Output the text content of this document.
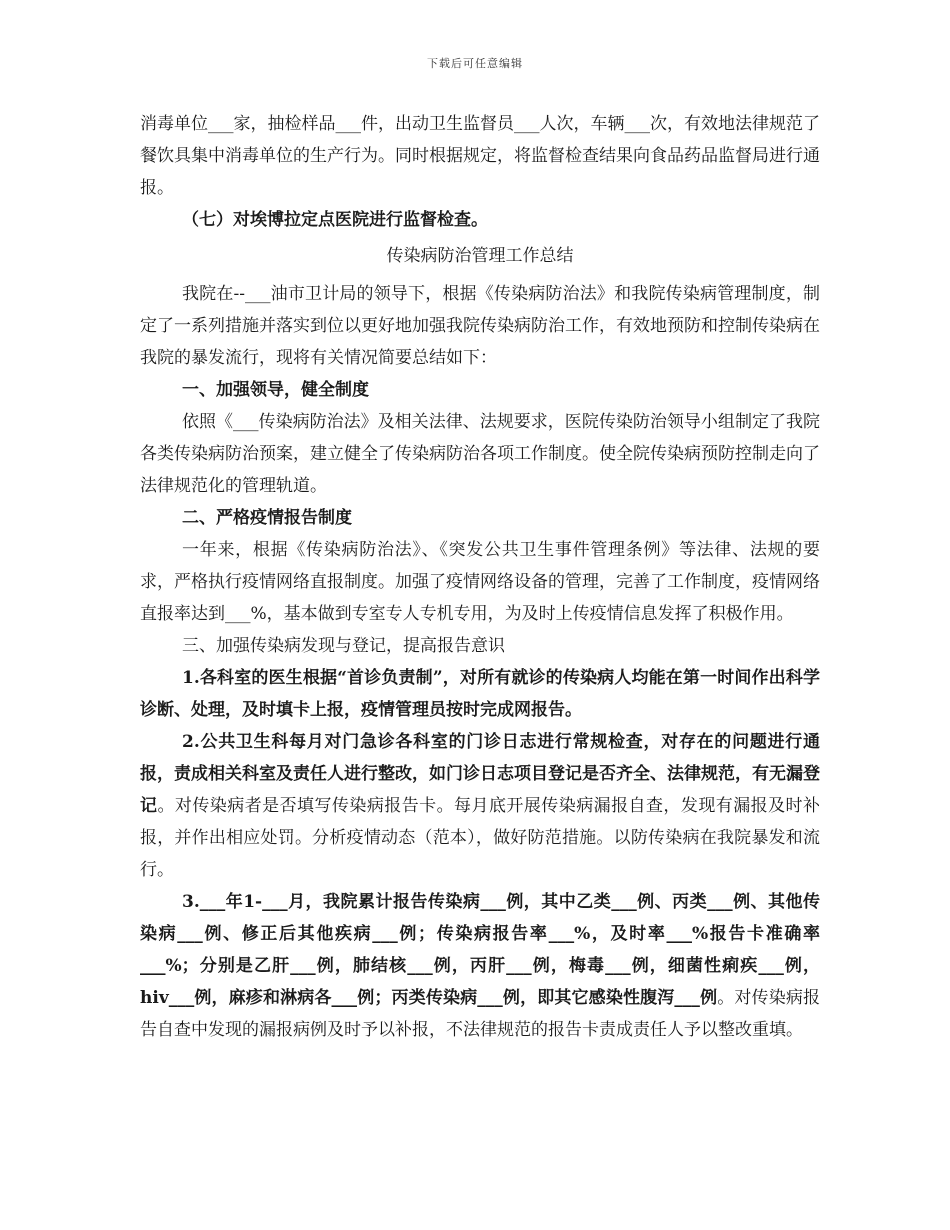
下载后可任意编辑

消毒单位___家，抽检样品___件，出动卫生监督员___人次，车辆___次，有效地法律规范了餐饮具集中消毒单位的生产行为。同时根据规定，将监督检查结果向食品药品监督局进行通报。

（七）对埃博拉定点医院进行监督检查。

传染病防治管理工作总结

我院在--___油市卫计局的领导下，根据《传染病防治法》和我院传染病管理制度，制定了一系列措施并落实到位以更好地加强我院传染病防治工作，有效地预防和控制传染病在我院的暴发流行，现将有关情况简要总结如下：

一、加强领导，健全制度

依照《___传染病防治法》及相关法律、法规要求，医院传染防治领导小组制定了我院各类传染病防治预案，建立健全了传染病防治各项工作制度。使全院传染病预防控制走向了法律规范化的管理轨道。

二、严格疫情报告制度

一年来，根据《传染病防治法》、《突发公共卫生事件管理条例》等法律、法规的要求，严格执行疫情网络直报制度。加强了疫情网络设备的管理，完善了工作制度，疫情网络直报率达到___%，基本做到专室专人专机专用，为及时上传疫情信息发挥了积极作用。

三、加强传染病发现与登记，提高报告意识

1.各科室的医生根据“首诊负责制”，对所有就诊的传染病人均能在第一时间作出科学诊断、处理，及时填卡上报，疫情管理员按时完成网报告。

2.公共卫生科每月对门急诊各科室的门诊日志进行常规检查，对存在的问题进行通报，责成相关科室及责任人进行整改，如门诊日志项目登记是否齐全、法律规范，有无漏登记。对传染病者是否填写传染病报告卡。每月底开展传染病漏报自查，发现有漏报及时补报，并作出相应处罚。分析疫情动态（范本），做好防范措施。以防传染病在我院暴发和流行。

3.___年1-___月，我院累计报告传染病___例，其中乙类___例、丙类___例、其他传染病___例、修正后其他疾病___例；传染病报告率___%，及时率___%报告卡准确率___%；分别是乙肝___例，肺结核___例，丙肝___例，梅毒___例，细菌性痢疾___例，hiv___例，麻疹和淋病各___例；丙类传染病___例，即其它感染性腹泻___例。对传染病报告自查中发现的漏报病例及时予以补报，不法律规范的报告卡责成责任人予以整改重填。
